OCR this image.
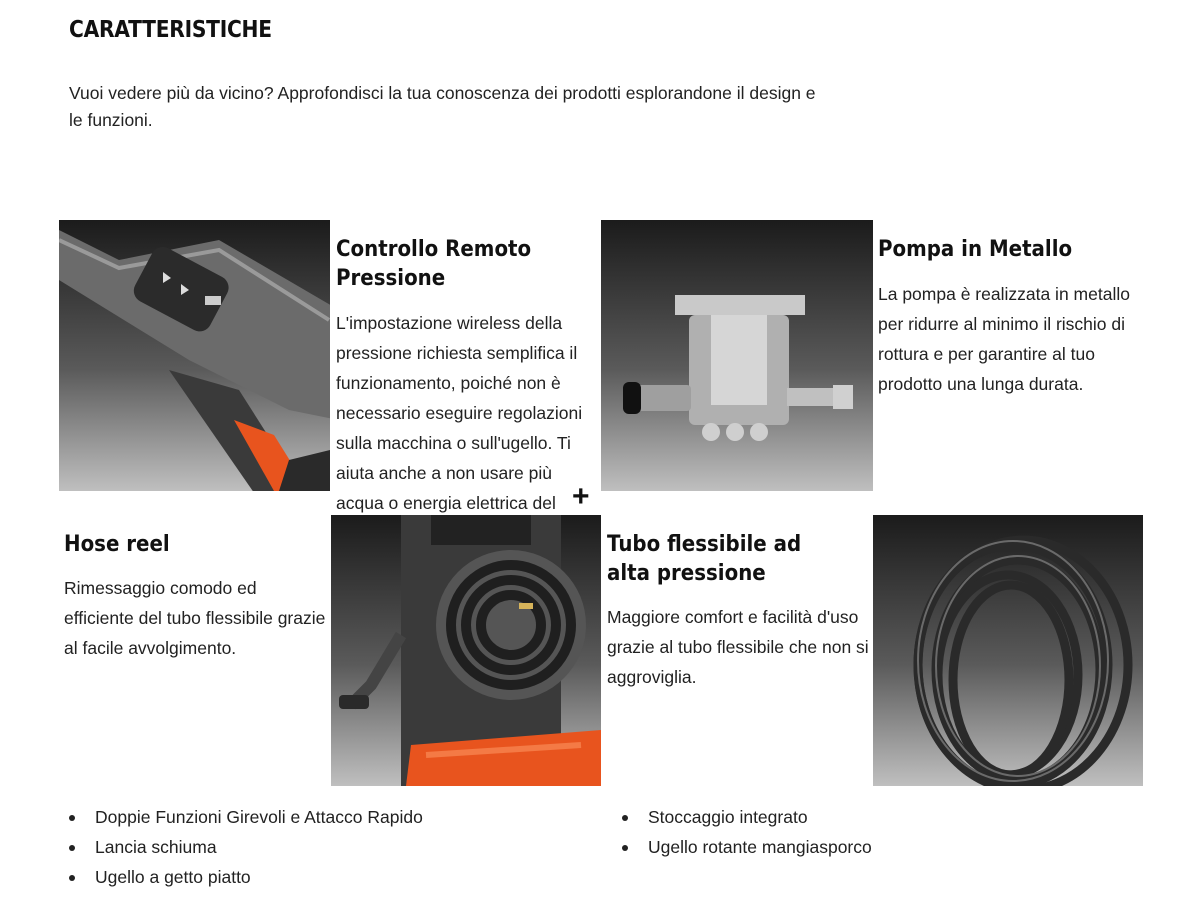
CARATTERISTICHE
Vuoi vedere più da vicino? Approfondisci la tua conoscenza dei prodotti esplorandone il design e le funzioni.
Controllo Remoto Pressione
L'impostazione wireless della pressione richiesta semplifica il funzionamento, poiché non è necessario eseguire regolazioni sulla macchina o sull'ugello. Ti aiuta anche a non usare più acqua o energia elettrica del +
Pompa in Metallo
La pompa è realizzata in metallo per ridurre al minimo il rischio di rottura e per garantire al tuo prodotto una lunga durata.
Hose reel
Rimessaggio comodo ed efficiente del tubo flessibile grazie al facile avvolgimento.
Tubo flessibile ad alta pressione
Maggiore comfort e facilità d'uso grazie al tubo flessibile che non si aggroviglia.
Doppie Funzioni Girevoli e Attacco Rapido
Lancia schiuma
Ugello a getto piatto
Stoccaggio integrato
Ugello rotante mangiasporco
